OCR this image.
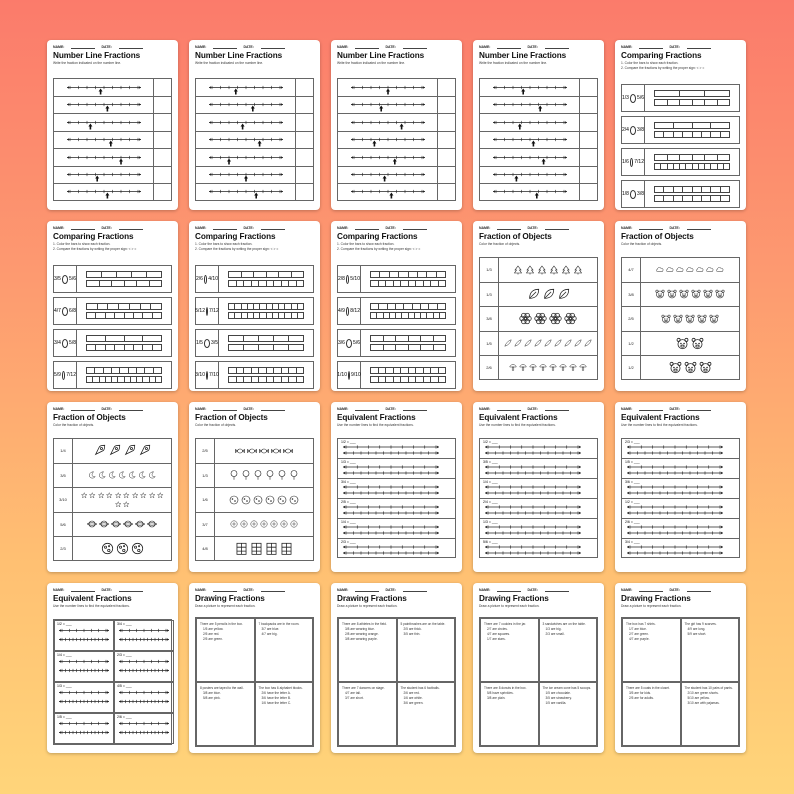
NAME:	DATE:
Number Line Fractions
Write the fraction indicated on the number line.
NAME:	DATE:
Number Line Fractions
Write the fraction indicated on the number line.
NAME:	DATE:
Number Line Fractions
Write the fraction indicated on the number line.
NAME:	DATE:
Number Line Fractions
Write the fraction indicated on the number line.
NAME:	DATE:
Comparing Fractions
1. Color the bars to show each fraction.
2. Compare the fractions by writing the proper sign: < > =
1/3 5/6
2/4 3/8
1/6 7/12
1/8 3/8
NAME:	DATE:
Comparing Fractions
1. Color the bars to show each fraction.
2. Compare the fractions by writing the proper sign: < > =
3/5 5/6
4/7 6/8
3/4 5/8
5/9 7/12
NAME:	DATE:
Comparing Fractions
1. Color the bars to show each fraction.
2. Compare the fractions by writing the proper sign: < > =
2/6 4/10
5/12 7/12
1/5 3/5
3/10 7/10
NAME:	DATE:
Comparing Fractions
1. Color the bars to show each fraction.
2. Compare the fractions by writing the proper sign: < > =
2/8 5/10
4/9 8/12
3/6 5/6
1/10 9/10
NAME:	DATE:
Fraction of Objects
Color the fraction of objects.
1/3
1/3
3/8
1/5
2/6
NAME:	DATE:
Fraction of Objects
Color the fraction of objects.
4/7
3/8
2/5
1/2
1/2
NAME:	DATE:
Fraction of Objects
Color the fraction of objects.
1/4
3/5
3/10
5/6
2/3
NAME:	DATE:
Fraction of Objects
Color the fraction of objects.
2/5
1/3
1/6
3/7
4/8
NAME:	DATE:
Equivalent Fractions
Use the number lines to find the equivalent fractions.
1/2 = ___
1/3 = ___
3/4 = ___
2/5 = ___
1/4 = ___
2/3 = ___
NAME:	DATE:
Equivalent Fractions
Use the number lines to find the equivalent fractions.
1/2 = ___
3/5 = ___
1/4 = ___
2/4 = ___
1/3 = ___
5/6 = ___
NAME:	DATE:
Equivalent Fractions
Use the number lines to find the equivalent fractions.
2/3 = ___
1/5 = ___
3/6 = ___
1/2 = ___
2/6 = ___
3/4 = ___
NAME:	DATE:
Equivalent Fractions
Use the number lines to find the equivalent fractions.
1/2 = ___	3/4 = ___
1/4 = ___	2/3 = ___
1/3 = ___	4/5 = ___
1/5 = ___	2/6 = ___
NAME:	DATE:
Drawing Fractions
Draw a picture to represent each fraction.
There are 5 pencils in the box.
1/5 are yellow.
2/5 are red.
2/5 are green.
7 backpacks are in the room.
3/7 are blue.
4/7 are big.
8 posters are taped to the wall.
3/8 are blue.
5/8 are pink.
The box has 6 alphabet blocks.
2/6 have the letter A.
3/6 have the letter B.
1/6 have the letter C.
NAME:	DATE:
Drawing Fractions
Draw a picture to represent each fraction.
There are 8 athletes in the field.
3/8 are wearing blue.
2/8 are wearing orange.
3/8 are wearing purple.
5 paintbrushes are on the table.
2/5 are thick.
3/5 are thin.
There are 7 dancers on stage.
4/7 are tall.
3/7 are short.
The student has 6 footballs.
2/6 are red.
1/6 are white.
3/6 are green.
NAME:	DATE:
Drawing Fractions
Draw a picture to represent each fraction.
There are 7 cookies in the jar.
2/7 are circles.
4/7 are squares.
1/7 are stars.
3 sandwiches are on the table.
1/3 are big.
2/3 are small.
There are 8 donuts in the box.
5/8 have sprinkles.
3/8 are plain.
The ice cream cone has 5 scoops.
1/5 are chocolate.
3/5 are strawberry.
1/5 are vanilla.
NAME:	DATE:
Drawing Fractions
Draw a picture to represent each fraction.
The box has 7 shirts.
1/7 are blue.
2/7 are green.
4/7 are purple.
The girl has 9 scarves.
4/9 are long.
5/9 are short.
There are 5 coats in the closet.
3/5 are for kids.
2/5 are for adults.
The student has 10 pairs of pants.
2/10 are green shorts.
5/10 are yellow.
3/10 are with pajamas.
